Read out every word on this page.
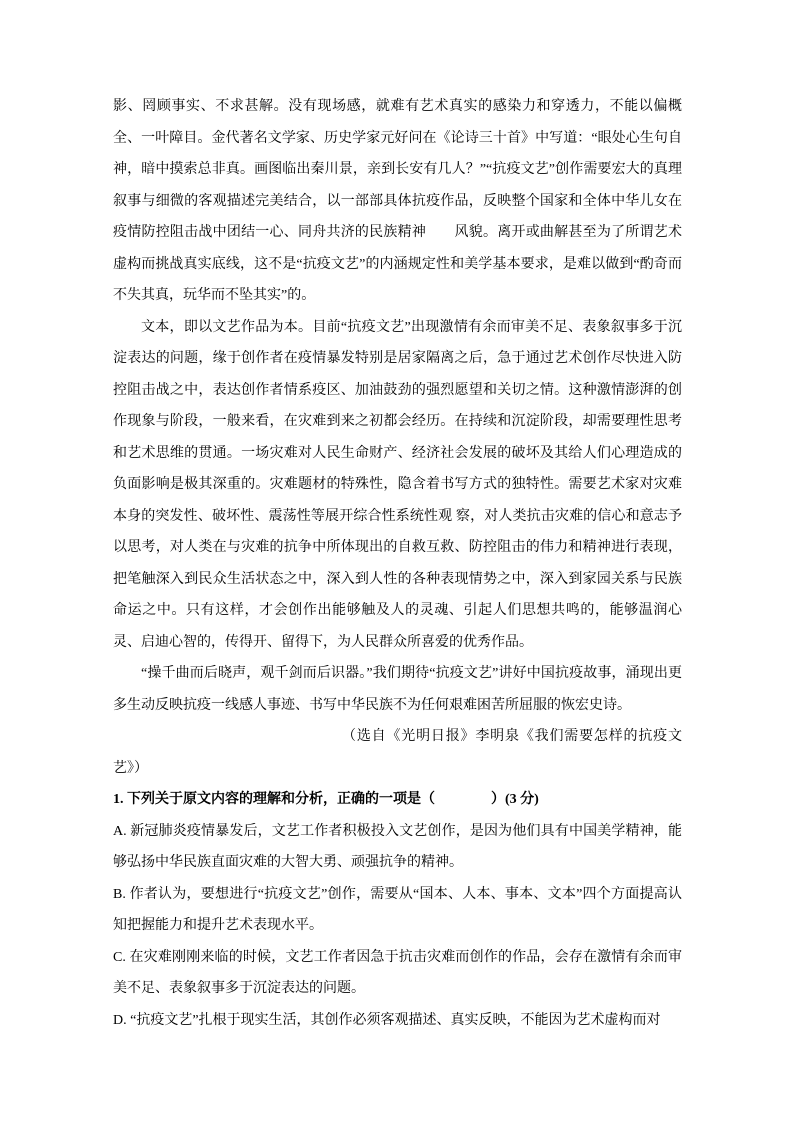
影、罔顾事实、不求甚解。没有现场感，就难有艺术真实的感染力和穿透力，不能以偏概全、一叶障目。金代著名文学家、历史学家元好问在《论诗三十首》中写道：“眼处心生句自神，暗中摸索总非真。画图临出秦川景，亲到长安有几人？”“抗疫文艺”创作需要宏大的真理叙事与细微的客观描述完美结合，以一部部具体抗疫作品，反映整个国家和全体中华儿女在疫情防控阻击战中团结一心、同舟共济的民族精神　　风貌。离开或曲解甚至为了所谓艺术虚构而挑战真实底线，这不是“抗疫文艺”的内涵规定性和美学基本要求，是难以做到“酌奇而不失其真，玩华而不坠其实”的。

文本，即以文艺作品为本。目前“抗疫文艺”出现激情有余而审美不足、表象叙事多于沉淀表达的问题，缘于创作者在疫情暴发特别是居家隔离之后，急于通过艺术创作尽快进入防控阻击战之中，表达创作者情系疫区、加油鼓劲的强烈愿望和关切之情。这种激情澎湃的创作现象与阶段，一般来看，在灾难到来之初都会经历。在持续和沉淀阶段，却需要理性思考和艺术思维的贯通。一场灾难对人民生命财产、经济社会发展的破坏及其给人们心理造成的负面影响是极其深重的。灾难题材的特殊性，隐含着书写方式的独特性。需要艺术家对灾难本身的突发性、破坏性、震荡性等展开综合性系统性观 察，对人类抗击灾难的信心和意志予以思考，对人类在与灾难的抗争中所体现出的自救互救、防控阻击的伟力和精神进行表现，把笔触深入到民众生活状态之中，深入到人性的各种表现情势之中，深入到家园关系与民族命运之中。只有这样，才会创作出能够触及人的灵魂、引起人们思想共鸣的，能够温润心灵、启迪心智的，传得开、留得下，为人民群众所喜爱的优秀作品。

“操千曲而后晓声，观千剑而后识器。”我们期待“抗疫文艺”讲好中国抗疫故事，涌现出更多生动反映抗疫一线感人事迹、书写中华民族不为任何艰难困苦所屈服的恢宏史诗。

（选自《光明日报》李明泉《我们需要怎样的抗疫文艺》）

1. 下列关于原文内容的理解和分析，正确的一项是（　　　　）(3 分)

A. 新冠肺炎疫情暴发后，文艺工作者积极投入文艺创作，是因为他们具有中国美学精神，能够弘扬中华民族直面灾难的大智大勇、顽强抗争的精神。

B. 作者认为，要想进行“抗疫文艺”创作，需要从“国本、人本、事本、文本”四个方面提高认知把握能力和提升艺术表现水平。

C. 在灾难刚刚来临的时候，文艺工作者因急于抗击灾难而创作的作品，会存在激情有余而审美不足、表象叙事多于沉淀表达的问题。

D. “抗疫文艺”扎根于现实生活，其创作必须客观描述、真实反映，不能因为艺术虚构而对
